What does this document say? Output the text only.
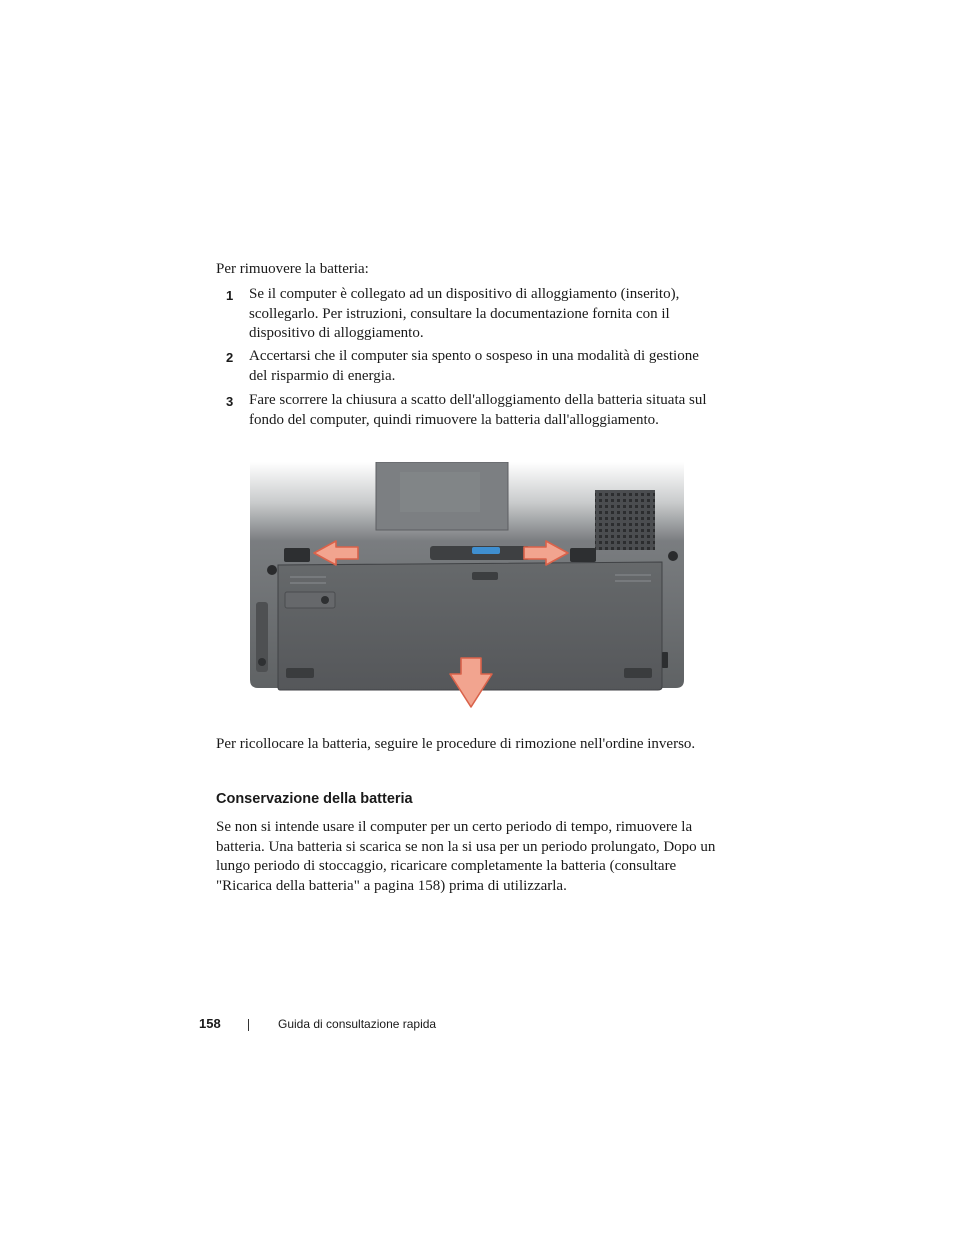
Per rimuovere la batteria:

1 Se il computer è collegato ad un dispositivo di alloggiamento (inserito), scollegarlo. Per istruzioni, consultare la documentazione fornita con il dispositivo di alloggiamento.
2 Accertarsi che il computer sia spento o sospeso in una modalità di gestione del risparmio di energia.
3 Fare scorrere la chiusura a scatto dell'alloggiamento della batteria situata sul fondo del computer, quindi rimuovere la batteria dall'alloggiamento.

Per ricollocare la batteria, seguire le procedure di rimozione nell'ordine inverso.

Conservazione della batteria

Se non si intende usare il computer per un certo periodo di tempo, rimuovere la batteria. Una batteria si scarica se non la si usa per un periodo prolungato, Dopo un lungo periodo di stoccaggio, ricaricare completamente la batteria (consultare "Ricarica della batteria" a pagina 158) prima di utilizzarla.

158	Guida di consultazione rapida
